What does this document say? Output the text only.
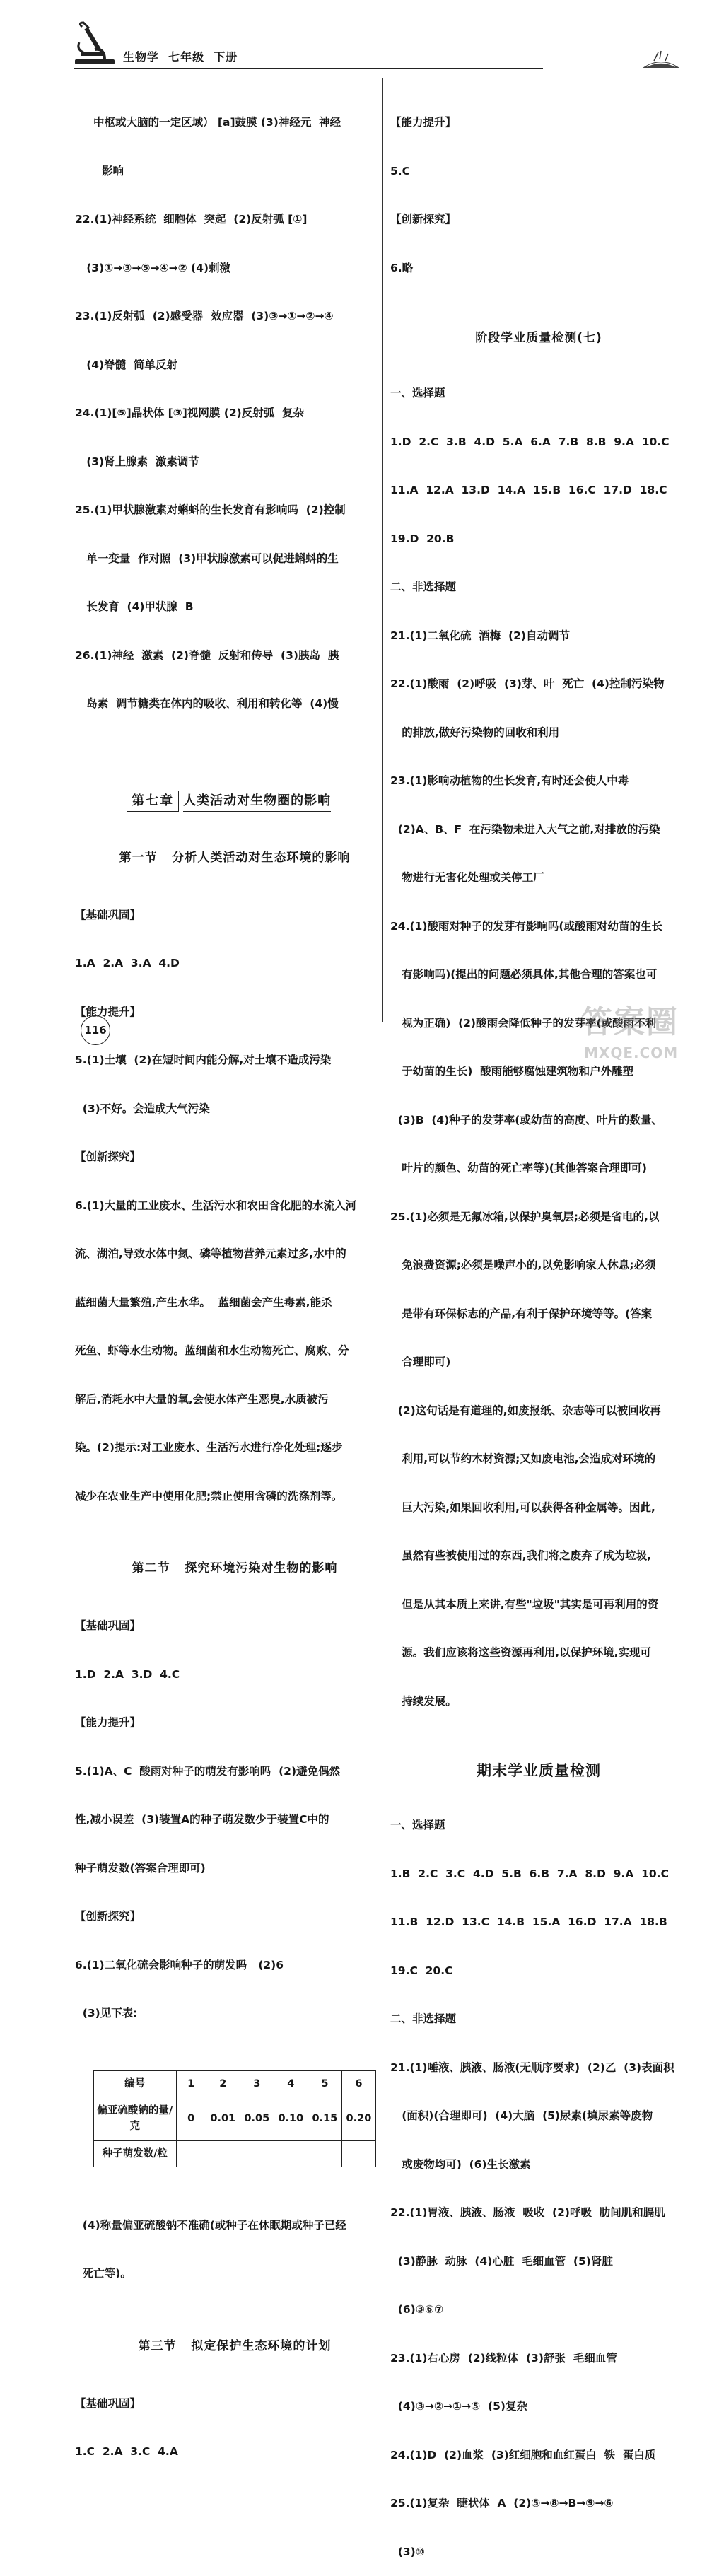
生物学  七年级  下册

中枢或大脑的一定区域） [a]鼓膜 (3)神经元  神经

影响

22.(1)神经系统  细胞体  突起  (2)反射弧 [①]

(3)①→③→⑤→④→② (4)刺激

23.(1)反射弧  (2)感受器  效应器  (3)③→①→②→④

(4)脊髓  简单反射

24.(1)[⑤]晶状体 [③]视网膜 (2)反射弧  复杂

(3)肾上腺素  激素调节

25.(1)甲状腺激素对蝌蚪的生长发育有影响吗  (2)控制

单一变量  作对照  (3)甲状腺激素可以促进蝌蚪的生

长发育  (4)甲状腺  B

26.(1)神经  激素  (2)脊髓  反射和传导  (3)胰岛  胰

岛素  调节糖类在体内的吸收、利用和转化等  (4)慢

第七章 人类活动对生物圈的影响

第一节   分析人类活动对生态环境的影响

【基础巩固】

1.A  2.A  3.A  4.D

【能力提升】

5.(1)土壤  (2)在短时间内能分解,对土壤不造成污染

(3)不好。会造成大气污染

【创新探究】

6.(1)大量的工业废水、生活污水和农田含化肥的水流入河

流、湖泊,导致水体中氮、磷等植物营养元素过多,水中的

蓝细菌大量繁殖,产生水华。  蓝细菌会产生毒素,能杀

死鱼、虾等水生动物。蓝细菌和水生动物死亡、腐败、分

解后,消耗水中大量的氧,会使水体产生恶臭,水质被污

染。(2)提示:对工业废水、生活污水进行净化处理;逐步

减少在农业生产中使用化肥;禁止使用含磷的洗涤剂等。

第二节   探究环境污染对生物的影响

【基础巩固】

1.D  2.A  3.D  4.C

【能力提升】

5.(1)A、C  酸雨对种子的萌发有影响吗  (2)避免偶然

性,减小误差  (3)装置A的种子萌发数少于装置C中的

种子萌发数(答案合理即可)

【创新探究】

6.(1)二氧化硫会影响种子的萌发吗   (2)6

(3)见下表:

编号	1	2	3	4	5	6
偏亚硫酸钠的量/克	0	0.01	0.05	0.10	0.15	0.20
种子萌发数/粒						

(4)称量偏亚硫酸钠不准确(或种子在休眠期或种子已经

死亡等)。

第三节   拟定保护生态环境的计划

【基础巩固】

1.C  2.A  3.C  4.A

【能力提升】

5.C

【创新探究】

6.略

阶段学业质量检测(七)

一、选择题

1.D  2.C  3.B  4.D  5.A  6.A  7.B  8.B  9.A  10.C

11.A  12.A  13.D  14.A  15.B  16.C  17.D  18.C

19.D  20.B

二、非选择题

21.(1)二氧化硫  酒梅  (2)自动调节

22.(1)酸雨  (2)呼吸  (3)芽、叶  死亡  (4)控制污染物

的排放,做好污染物的回收和利用

23.(1)影响动植物的生长发育,有时还会使人中毒

(2)A、B、F  在污染物未进入大气之前,对排放的污染

物进行无害化处理或关停工厂

24.(1)酸雨对种子的发芽有影响吗(或酸雨对幼苗的生长

有影响吗)(提出的问题必须具体,其他合理的答案也可

视为正确)  (2)酸雨会降低种子的发芽率(或酸雨不利

于幼苗的生长)  酸雨能够腐蚀建筑物和户外雕塑

(3)B  (4)种子的发芽率(或幼苗的高度、叶片的数量、

叶片的颜色、幼苗的死亡率等)(其他答案合理即可)

25.(1)必须是无氟冰箱,以保护臭氧层;必须是省电的,以

免浪费资源;必须是噪声小的,以免影响家人休息;必须

是带有环保标志的产品,有利于保护环境等等。(答案

合理即可)

(2)这句话是有道理的,如废报纸、杂志等可以被回收再

利用,可以节约木材资源;又如废电池,会造成对环境的

巨大污染,如果回收利用,可以获得各种金属等。因此,

虽然有些被使用过的东西,我们将之废弃了成为垃圾,

但是从其本质上来讲,有些"垃圾"其实是可再利用的资

源。我们应该将这些资源再利用,以保护环境,实现可

持续发展。

期末学业质量检测

一、选择题

1.B  2.C  3.C  4.D  5.B  6.B  7.A  8.D  9.A  10.C

11.B  12.D  13.C  14.B  15.A  16.D  17.A  18.B

19.C  20.C

二、非选择题

21.(1)唾液、胰液、肠液(无顺序要求)  (2)乙  (3)表面积

(面积)(合理即可)  (4)大脑  (5)尿素(填尿素等废物

或废物均可)  (6)生长激素

22.(1)胃液、胰液、肠液  吸收  (2)呼吸  肋间肌和膈肌

(3)静脉  动脉  (4)心脏  毛细血管  (5)肾脏

(6)③⑥⑦

23.(1)右心房  (2)线粒体  (3)舒张  毛细血管

(4)③→②→①→⑤  (5)复杂

24.(1)D  (2)血浆  (3)红细胞和血红蛋白  铁  蛋白质

25.(1)复杂  睫状体  A  (2)⑤→⑧→B→⑨→⑥

(3)⑩

116	答案圈
MXQE.COM
